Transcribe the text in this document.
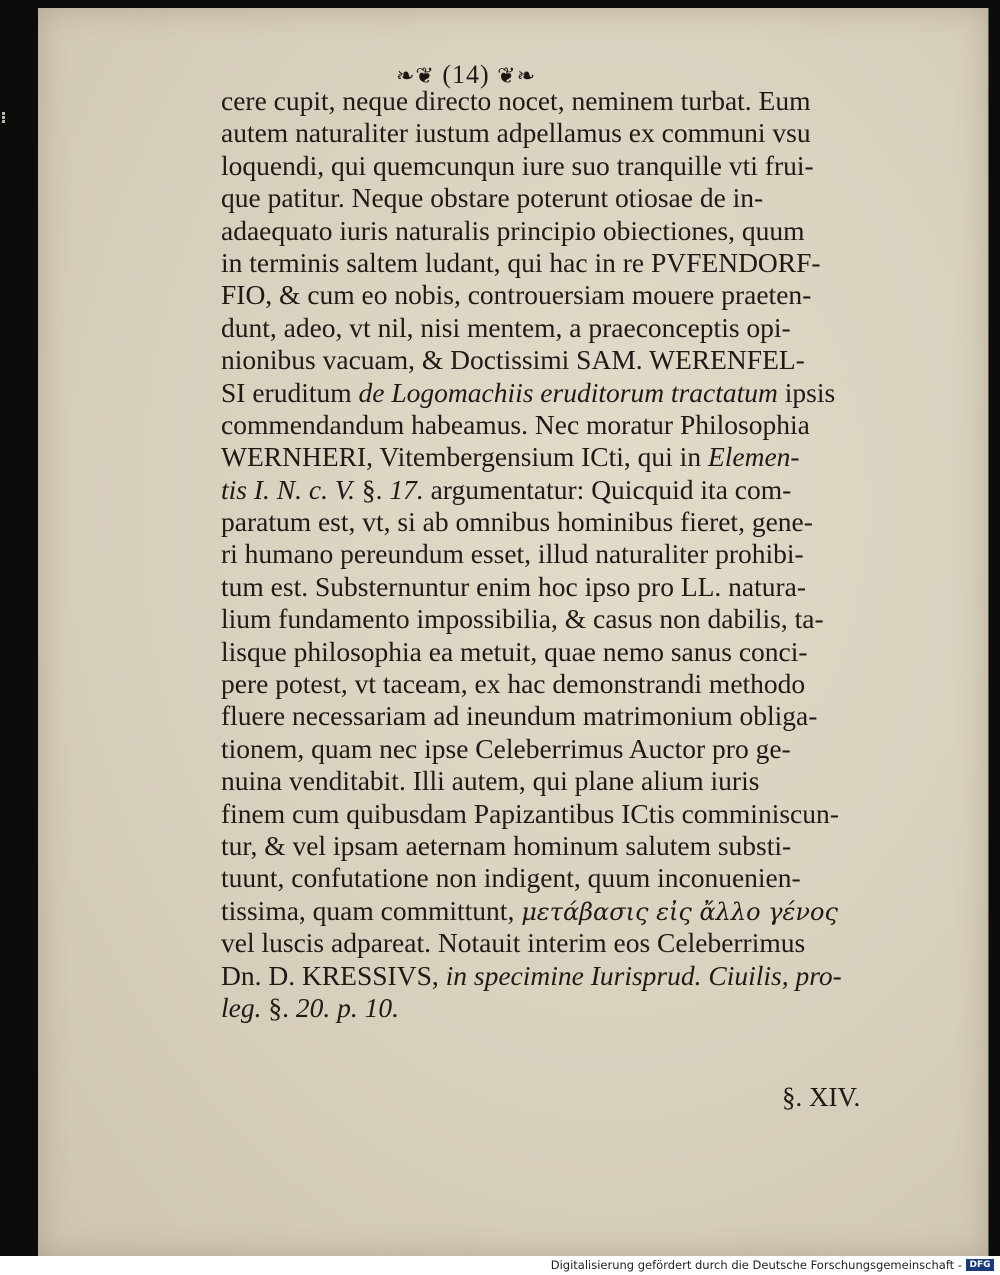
❧❦ (14) ❦❧
cere cupit, neque directo nocet, neminem turbat. Eum
autem naturaliter iustum adpellamus ex communi vsu
loquendi, qui quemcunqun iure suo tranquille vti frui-
que patitur. Neque obstare poterunt otiosae de in-
adaequato iuris naturalis principio obiectiones, quum
in terminis saltem ludant, qui hac in re PVFENDORF-
FIO, & cum eo nobis, controuersiam mouere praeten-
dunt, adeo, vt nil, nisi mentem, a praeconceptis opi-
nionibus vacuam, & Doctissimi SAM. WERENFEL-
SI eruditum de Logomachiis eruditorum tractatum ipsis
commendandum habeamus. Nec moratur Philosophia
WERNHERI, Vitembergensium ICti, qui in Elemen-
tis I. N. c. V. §. 17. argumentatur: Quicquid ita com-
paratum est, vt, si ab omnibus hominibus fieret, gene-
ri humano pereundum esset, illud naturaliter prohibi-
tum est. Substernuntur enim hoc ipso pro LL. natura-
lium fundamento impossibilia, & casus non dabilis, ta-
lisque philosophia ea metuit, quae nemo sanus conci-
pere potest, vt taceam, ex hac demonstrandi methodo
fluere necessariam ad ineundum matrimonium obliga-
tionem, quam nec ipse Celeberrimus Auctor pro ge-
nuina venditabit. Illi autem, qui plane alium iuris
finem cum quibusdam Papizantibus ICtis comminiscun-
tur, & vel ipsam aeternam hominum salutem substi-
tuunt, confutatione non indigent, quum inconuenien-
tissima, quam committunt, μετάβασις εἰς ἄλλο γένος
vel luscis adpareat. Notauit interim eos Celeberrimus
Dn. D. KRESSIVS, in specimine Iurisprud. Ciuilis, pro-
leg. §. 20. p. 10.
§. XIV.
Digitalisierung gefördert durch die Deutsche Forschungsgemeinschaft - DFG
